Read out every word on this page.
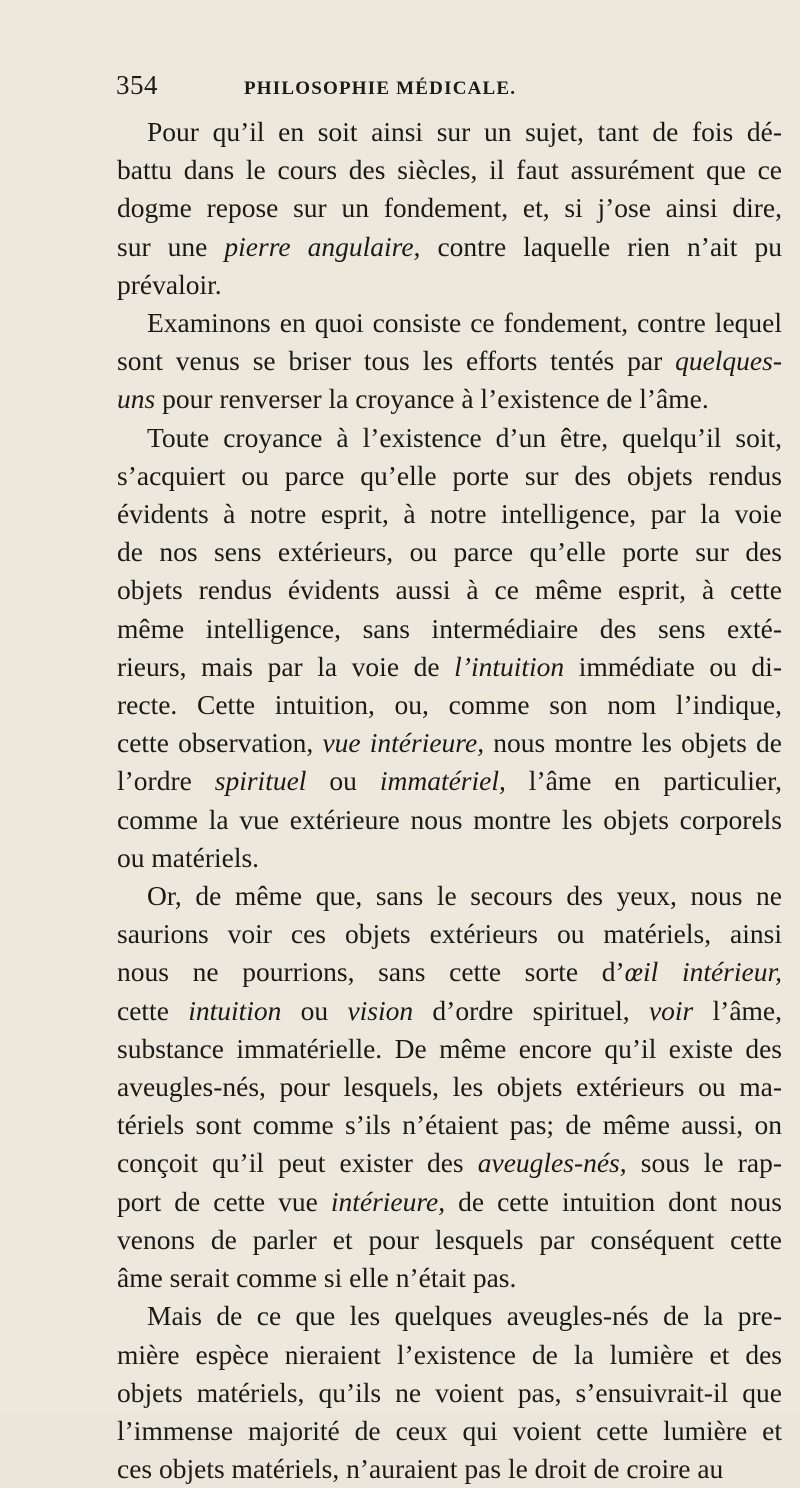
354	PHILOSOPHIE MÉDICALE.
Pour qu’il en soit ainsi sur un sujet, tant de fois dé-
battu dans le cours des siècles, il faut assurément que ce
dogme repose sur un fondement, et, si j’ose ainsi dire,
sur une pierre angulaire, contre laquelle rien n’ait pu
prévaloir.
Examinons en quoi consiste ce fondement, contre lequel
sont venus se briser tous les efforts tentés par quelques-
uns pour renverser la croyance à l’existence de l’âme.
Toute croyance à l’existence d’un être, quelqu’il soit,
s’acquiert ou parce qu’elle porte sur des objets rendus
évidents à notre esprit, à notre intelligence, par la voie
de nos sens extérieurs, ou parce qu’elle porte sur des
objets rendus évidents aussi à ce même esprit, à cette
même intelligence, sans intermédiaire des sens exté-
rieurs, mais par la voie de l’intuition immédiate ou di-
recte. Cette intuition, ou, comme son nom l’indique,
cette observation, vue intérieure, nous montre les objets de
l’ordre spirituel ou immatériel, l’âme en particulier,
comme la vue extérieure nous montre les objets corporels
ou matériels.
Or, de même que, sans le secours des yeux, nous ne
saurions voir ces objets extérieurs ou matériels, ainsi
nous ne pourrions, sans cette sorte d’œil intérieur,
cette intuition ou vision d’ordre spirituel, voir l’âme,
substance immatérielle. De même encore qu’il existe des
aveugles-nés, pour lesquels, les objets extérieurs ou ma-
tériels sont comme s’ils n’étaient pas; de même aussi, on
conçoit qu’il peut exister des aveugles-nés, sous le rap-
port de cette vue intérieure, de cette intuition dont nous
venons de parler et pour lesquels par conséquent cette
âme serait comme si elle n’était pas.
Mais de ce que les quelques aveugles-nés de la pre-
mière espèce nieraient l’existence de la lumière et des
objets matériels, qu’ils ne voient pas, s’ensuivrait-il que
l’immense majorité de ceux qui voient cette lumière et
ces objets matériels, n’auraient pas le droit de croire au
